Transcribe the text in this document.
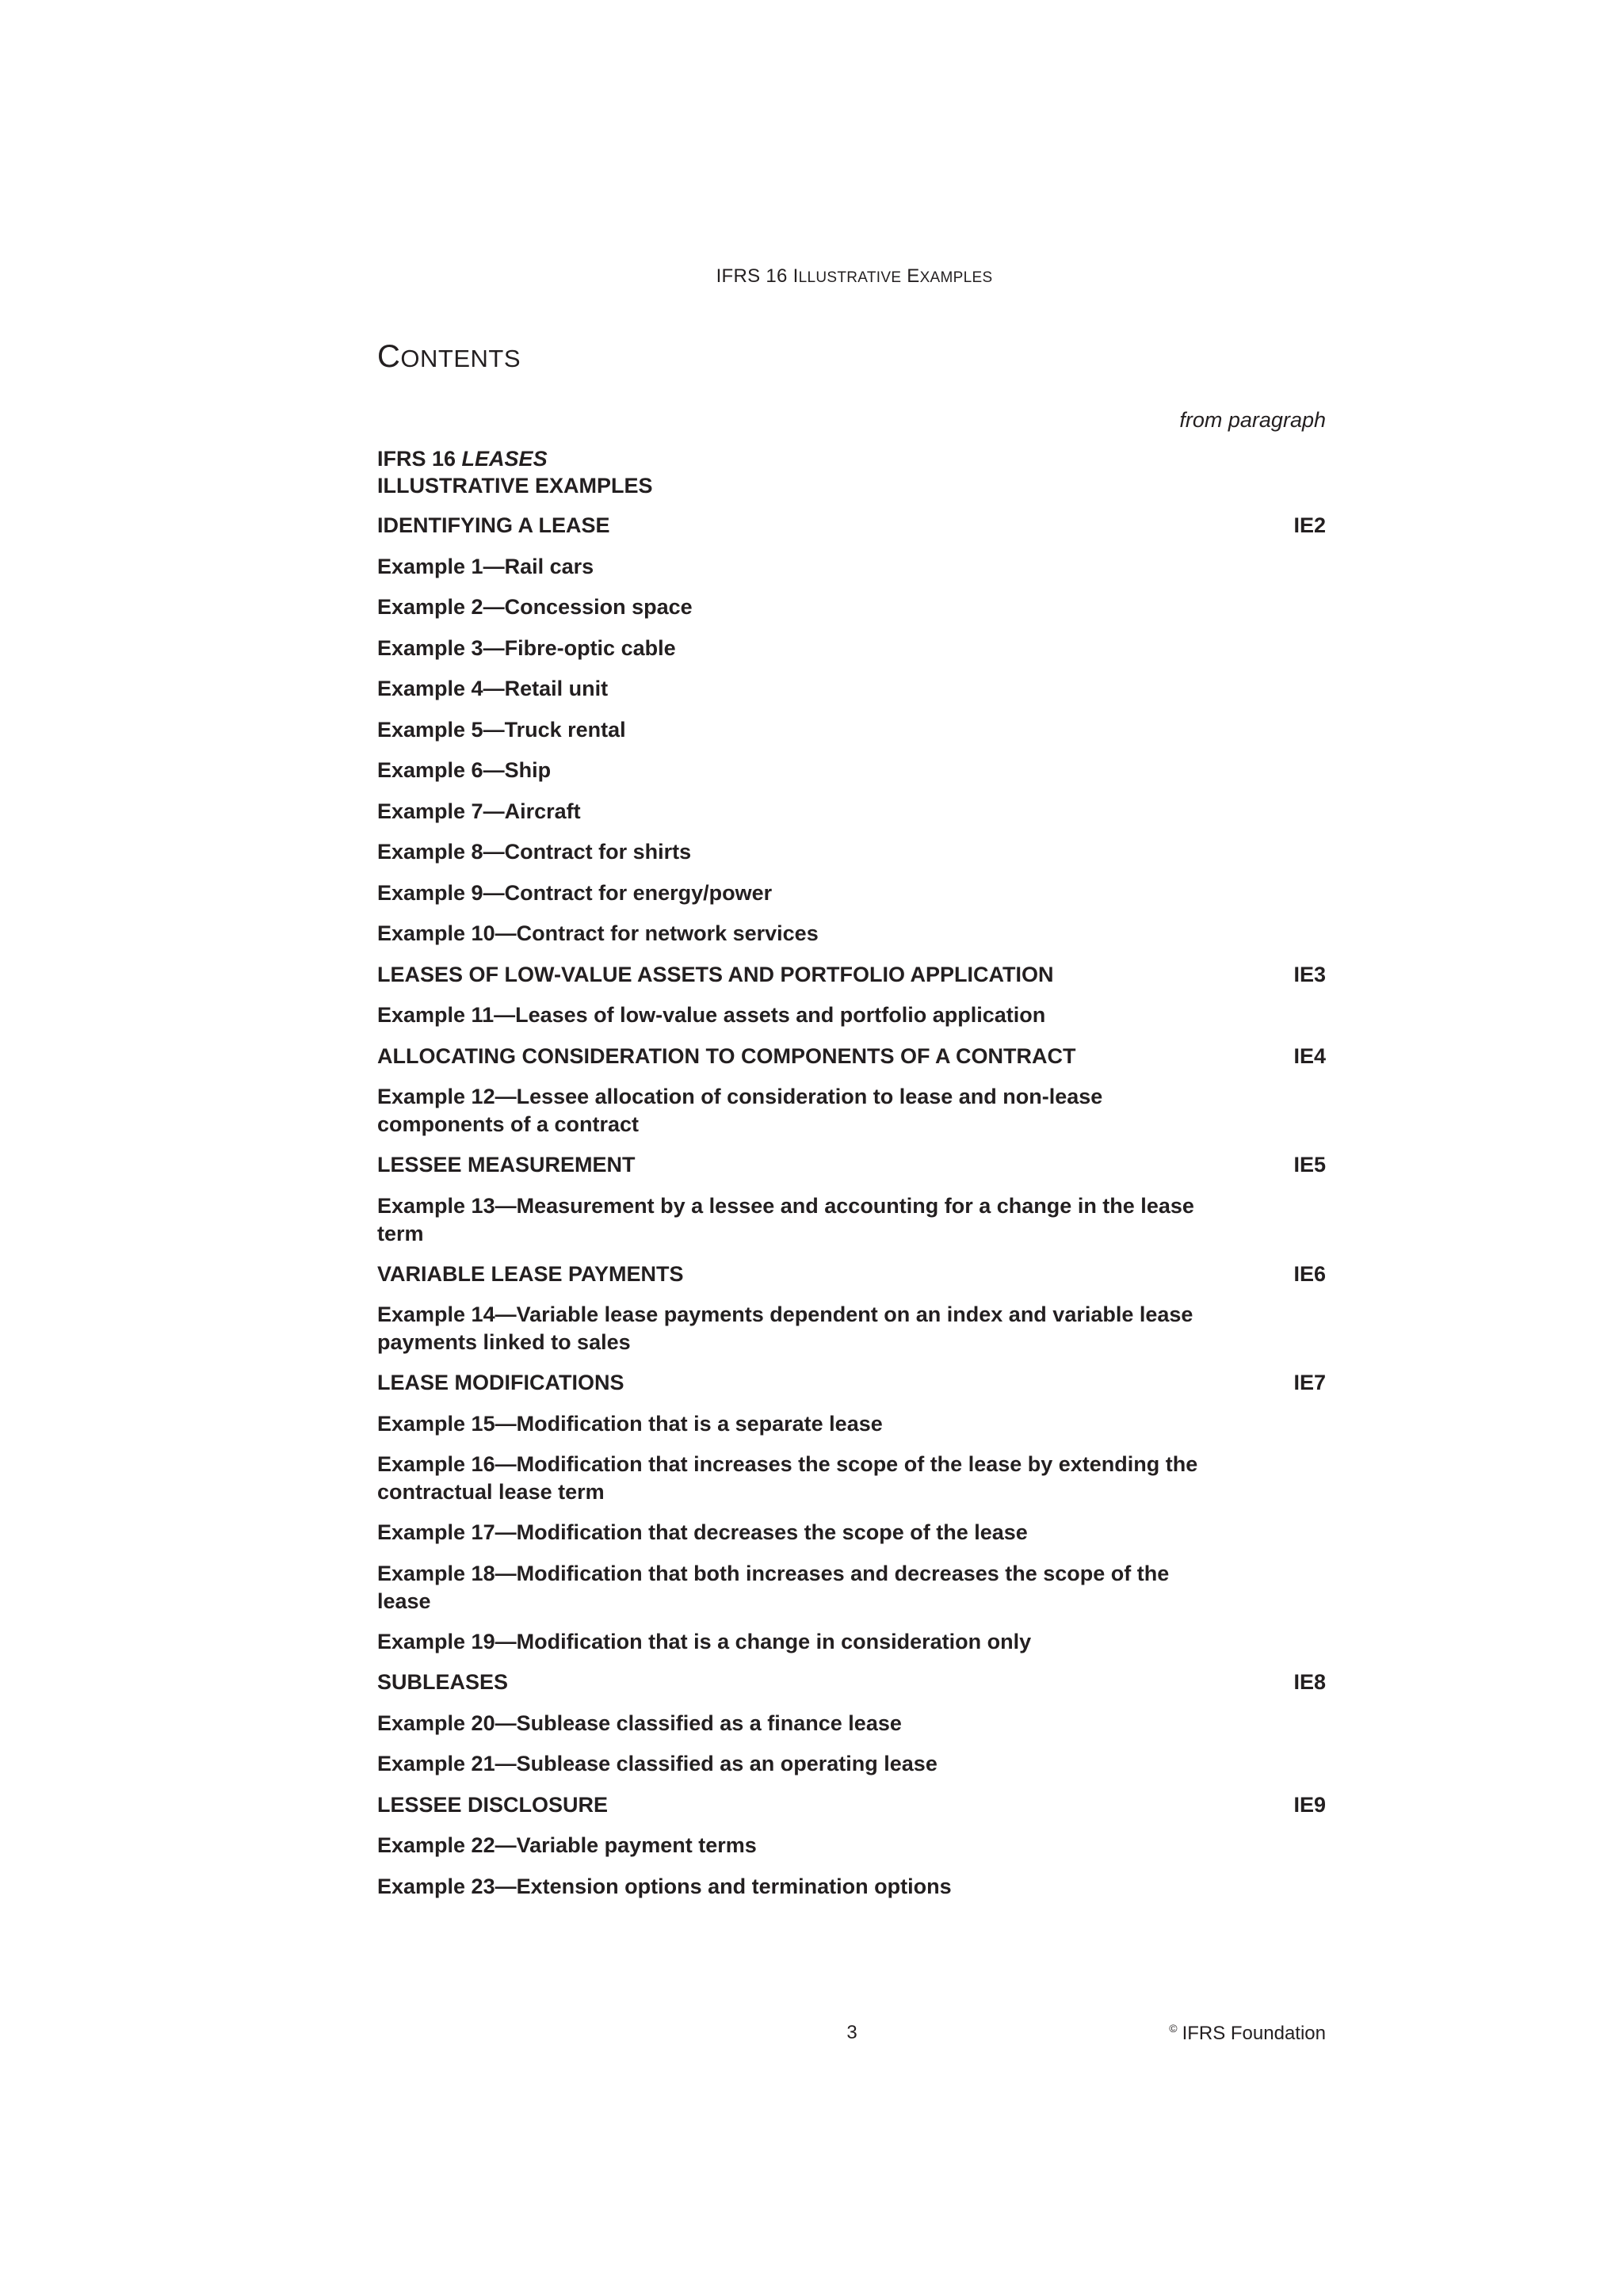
IFRS 16 ILLUSTRATIVE EXAMPLES
CONTENTS
from paragraph
IFRS 16 LEASES
ILLUSTRATIVE EXAMPLES
IDENTIFYING A LEASE	IE2
Example 1—Rail cars
Example 2—Concession space
Example 3—Fibre-optic cable
Example 4—Retail unit
Example 5—Truck rental
Example 6—Ship
Example 7—Aircraft
Example 8—Contract for shirts
Example 9—Contract for energy/power
Example 10—Contract for network services
LEASES OF LOW-VALUE ASSETS AND PORTFOLIO APPLICATION	IE3
Example 11—Leases of low-value assets and portfolio application
ALLOCATING CONSIDERATION TO COMPONENTS OF A CONTRACT	IE4
Example 12—Lessee allocation of consideration to lease and non-lease components of a contract
LESSEE MEASUREMENT	IE5
Example 13—Measurement by a lessee and accounting for a change in the lease term
VARIABLE LEASE PAYMENTS	IE6
Example 14—Variable lease payments dependent on an index and variable lease payments linked to sales
LEASE MODIFICATIONS	IE7
Example 15—Modification that is a separate lease
Example 16—Modification that increases the scope of the lease by extending the contractual lease term
Example 17—Modification that decreases the scope of the lease
Example 18—Modification that both increases and decreases the scope of the lease
Example 19—Modification that is a change in consideration only
SUBLEASES	IE8
Example 20—Sublease classified as a finance lease
Example 21—Sublease classified as an operating lease
LESSEE DISCLOSURE	IE9
Example 22—Variable payment terms
Example 23—Extension options and termination options
3	© IFRS Foundation
